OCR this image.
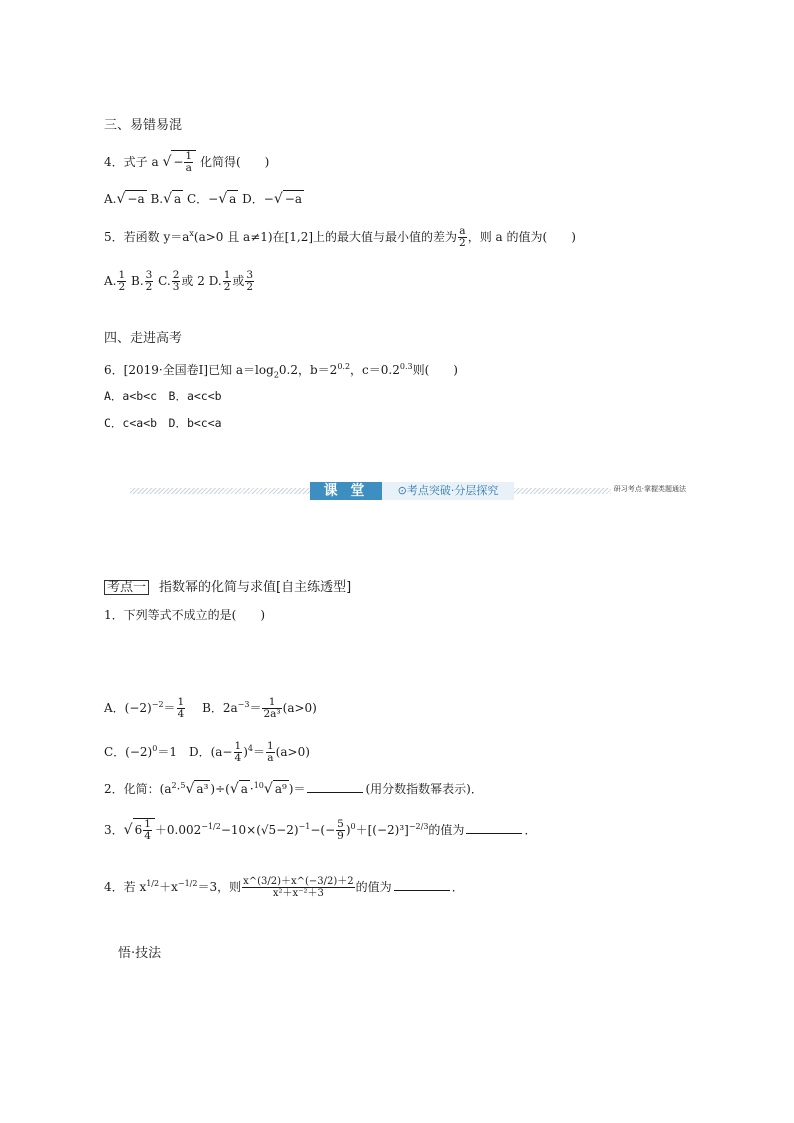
三、易错易混
4．式子 a √ − $\frac{1}{a}$ 化简得(　　)
A.√ −a B.√ a C．−√ a D．−√ −a
5．若函数 $y=a^x(a>0$ 且 a≠1)在[1,2]上的最大值与最小值的差为 $\frac{a}{2}$ ，则 a 的值为(　　)
A. $\frac{1}{2} B$. $\frac{3}{2} C$. $\frac{2}{3}$ 或 2 D. $\frac{1}{2}$ 或 $\frac{3}{2}$
四、走进高考
6．[2019·全国卷Ⅰ]已知 $a=\log_20.2$，$b=2^{0.2}$，$c=0.2^{0.3}$则(　　)
A．a<b<c　B．a<c<b
C．c<a<b　D．b<c<a
课 堂	⊙考点突破·分层探究	研习考点·掌握类题通法
考点一 指数幂的化简与求值[自主练透型]
1．下列等式不成立的是(　　)
A．$(-2)^{-2}= \frac{1}{4}$ 　B．$2a^{-3}= \frac{1}{\text{2a³}} (a>0)$
C．$(-2)^0=1$　D．$(a- \frac{1}{4} )^4= \frac{1}{a} (a>0)$
2．化简：($a^2\cdot^5√$ a³ )÷(√ a ·$^{10}$√ a⁹ )＝	(用分数指数幂表示)．
3．√ $6 \frac{1}{4} +0.002^{-1/2}-10\times(√5-2)^{-1}-(- \frac{5}{9} )^0+[(-2)^3]^{-2/3}$的值为	．
4．若 $x^{1/2}+x^{-1/2}=3$，则 $\frac{x\^{}(3/2)+x\^{}(-3/2)+2}{\text{x²＋x⁻²＋3}}$ 的值为	．
悟·技法
